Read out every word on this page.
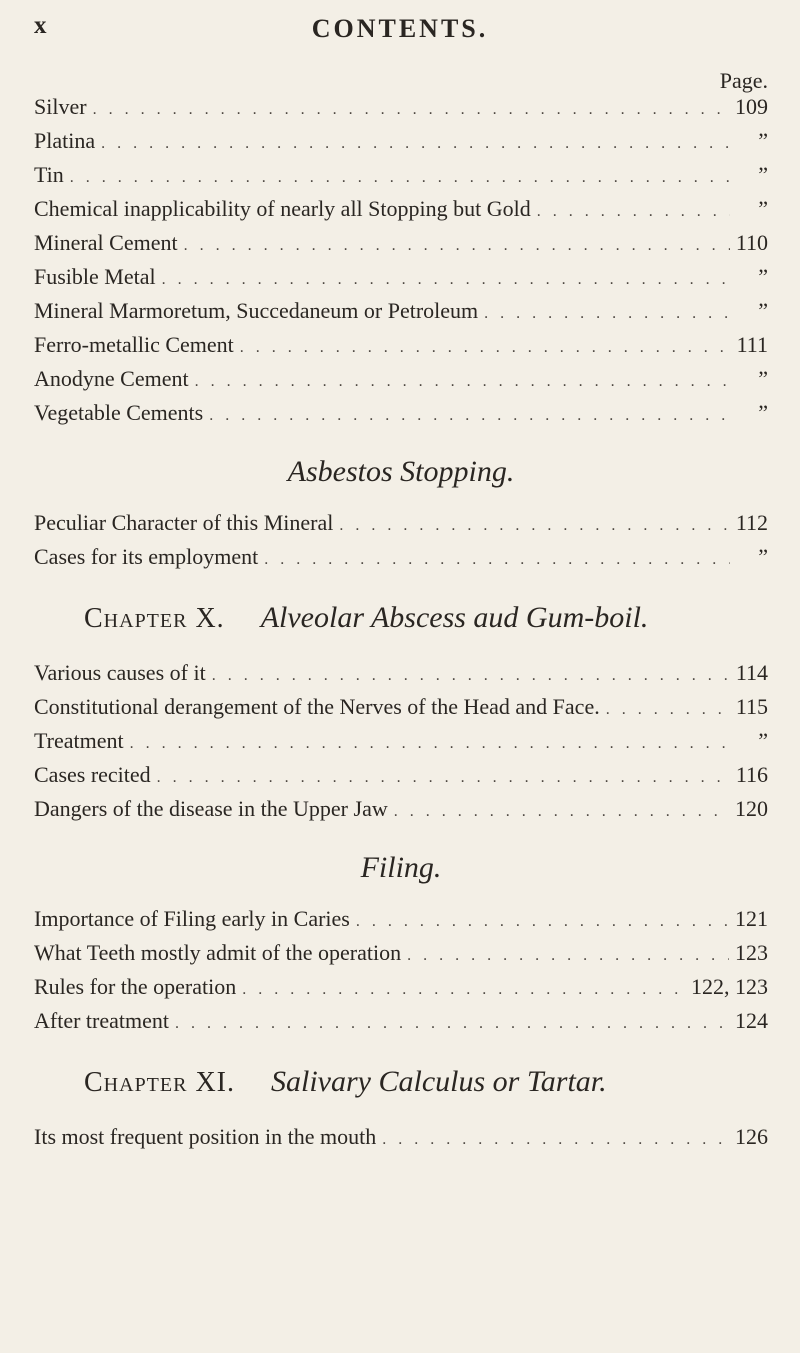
x	CONTENTS.
Page.
Silver . . .	109
Platina . . .	”
Tin . . .	”
Chemical inapplicability of nearly all Stopping but Gold . . .	”
Mineral Cement . . .	110
Fusible Metal . . .	”
Mineral Marmoretum, Succedaneum or Petroleum . . .	”
Ferro-metallic Cement . . .	111
Anodyne Cement . . .	”
Vegetable Cements . . .	”
Asbestos Stopping.
Peculiar Character of this Mineral . . .	112
Cases for its employment . . .	”
Chapter X. Alveolar Abscess aud Gum-boil.
Various causes of it . . .	114
Constitutional derangement of the Nerves of the Head and Face. . . .	115
Treatment . . .	”
Cases recited . . .	116
Dangers of the disease in the Upper Jaw . . .	120
Filing.
Importance of Filing early in Caries . . .	121
What Teeth mostly admit of the operation . . .	123
Rules for the operation . . .	122, 123
After treatment . . .	124
Chapter XI. Salivary Calculus or Tartar.
Its most frequent position in the mouth . . .	126
